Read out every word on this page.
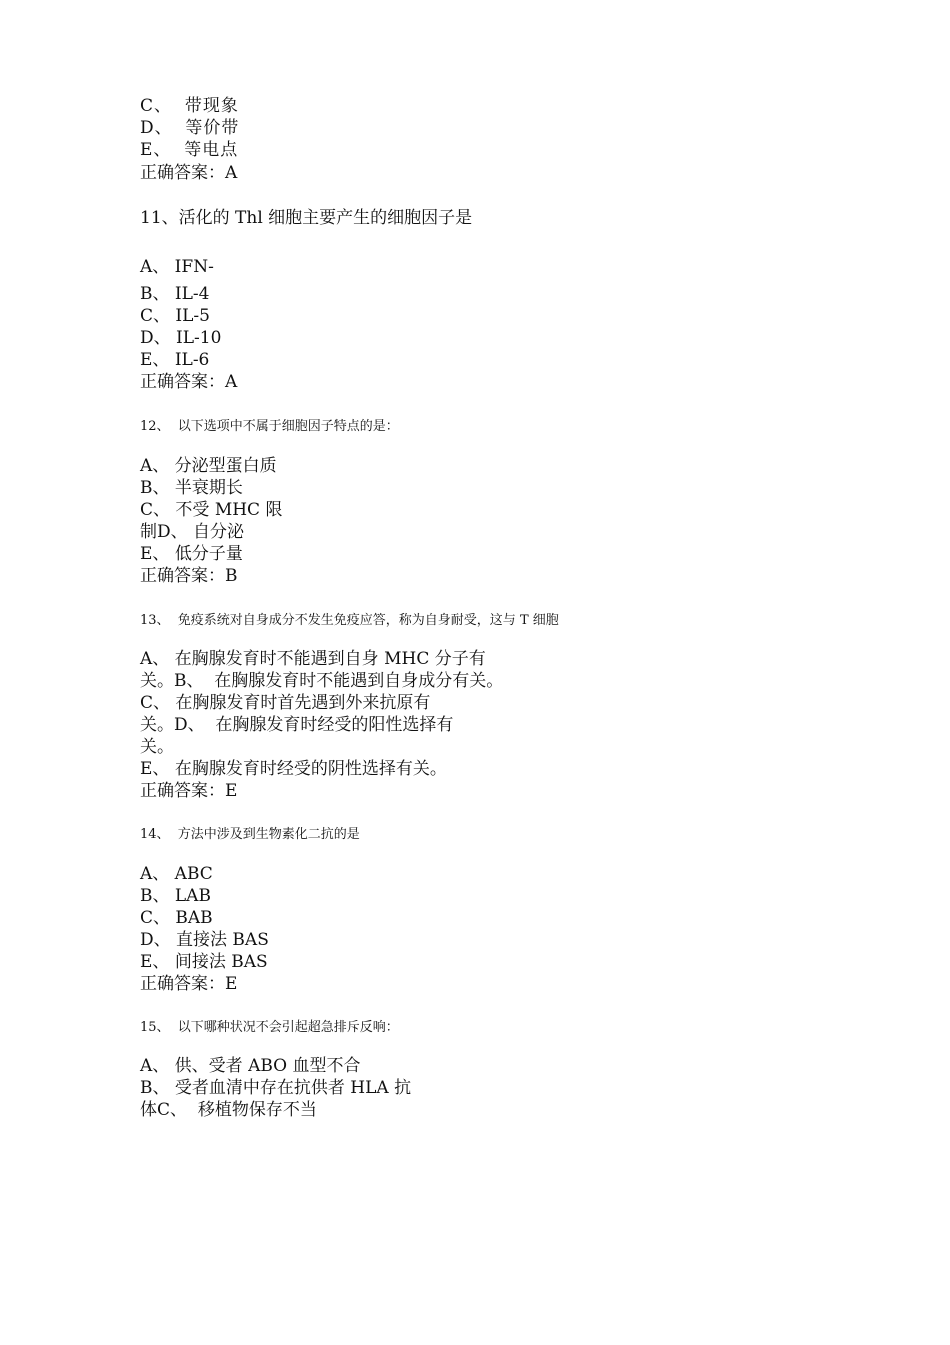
C、  带现象
D、  等价带
E、  等电点
正确答案：A
11、活化的 Thl 细胞主要产生的细胞因子是
A、 IFN-
B、 IL-4
C、 IL-5
D、 IL-10
E、 IL-6
正确答案：A
12、  以下选项中不属于细胞因子特点的是：
A、 分泌型蛋白质
B、 半衰期长
C、 不受 MHC 限
制D、 自分泌
E、 低分子量
正确答案：B
13、  免疫系统对自身成分不发生免疫应答，称为自身耐受，这与 T 细胞
A、 在胸腺发育时不能遇到自身 MHC 分子有
关。B、  在胸腺发育时不能遇到自身成分有关。
C、 在胸腺发育时首先遇到外来抗原有
关。D、  在胸腺发育时经受的阳性选择有
关。
E、 在胸腺发育时经受的阴性选择有关。
正确答案：E
14、  方法中涉及到生物素化二抗的是
A、 ABC
B、 LAB
C、 BAB
D、 直接法 BAS
E、 间接法 BAS
正确答案：E
15、  以下哪种状况不会引起超急排斥反响：
A、 供、受者 ABO 血型不合
B、 受者血清中存在抗供者 HLA 抗
体C、  移植物保存不当
